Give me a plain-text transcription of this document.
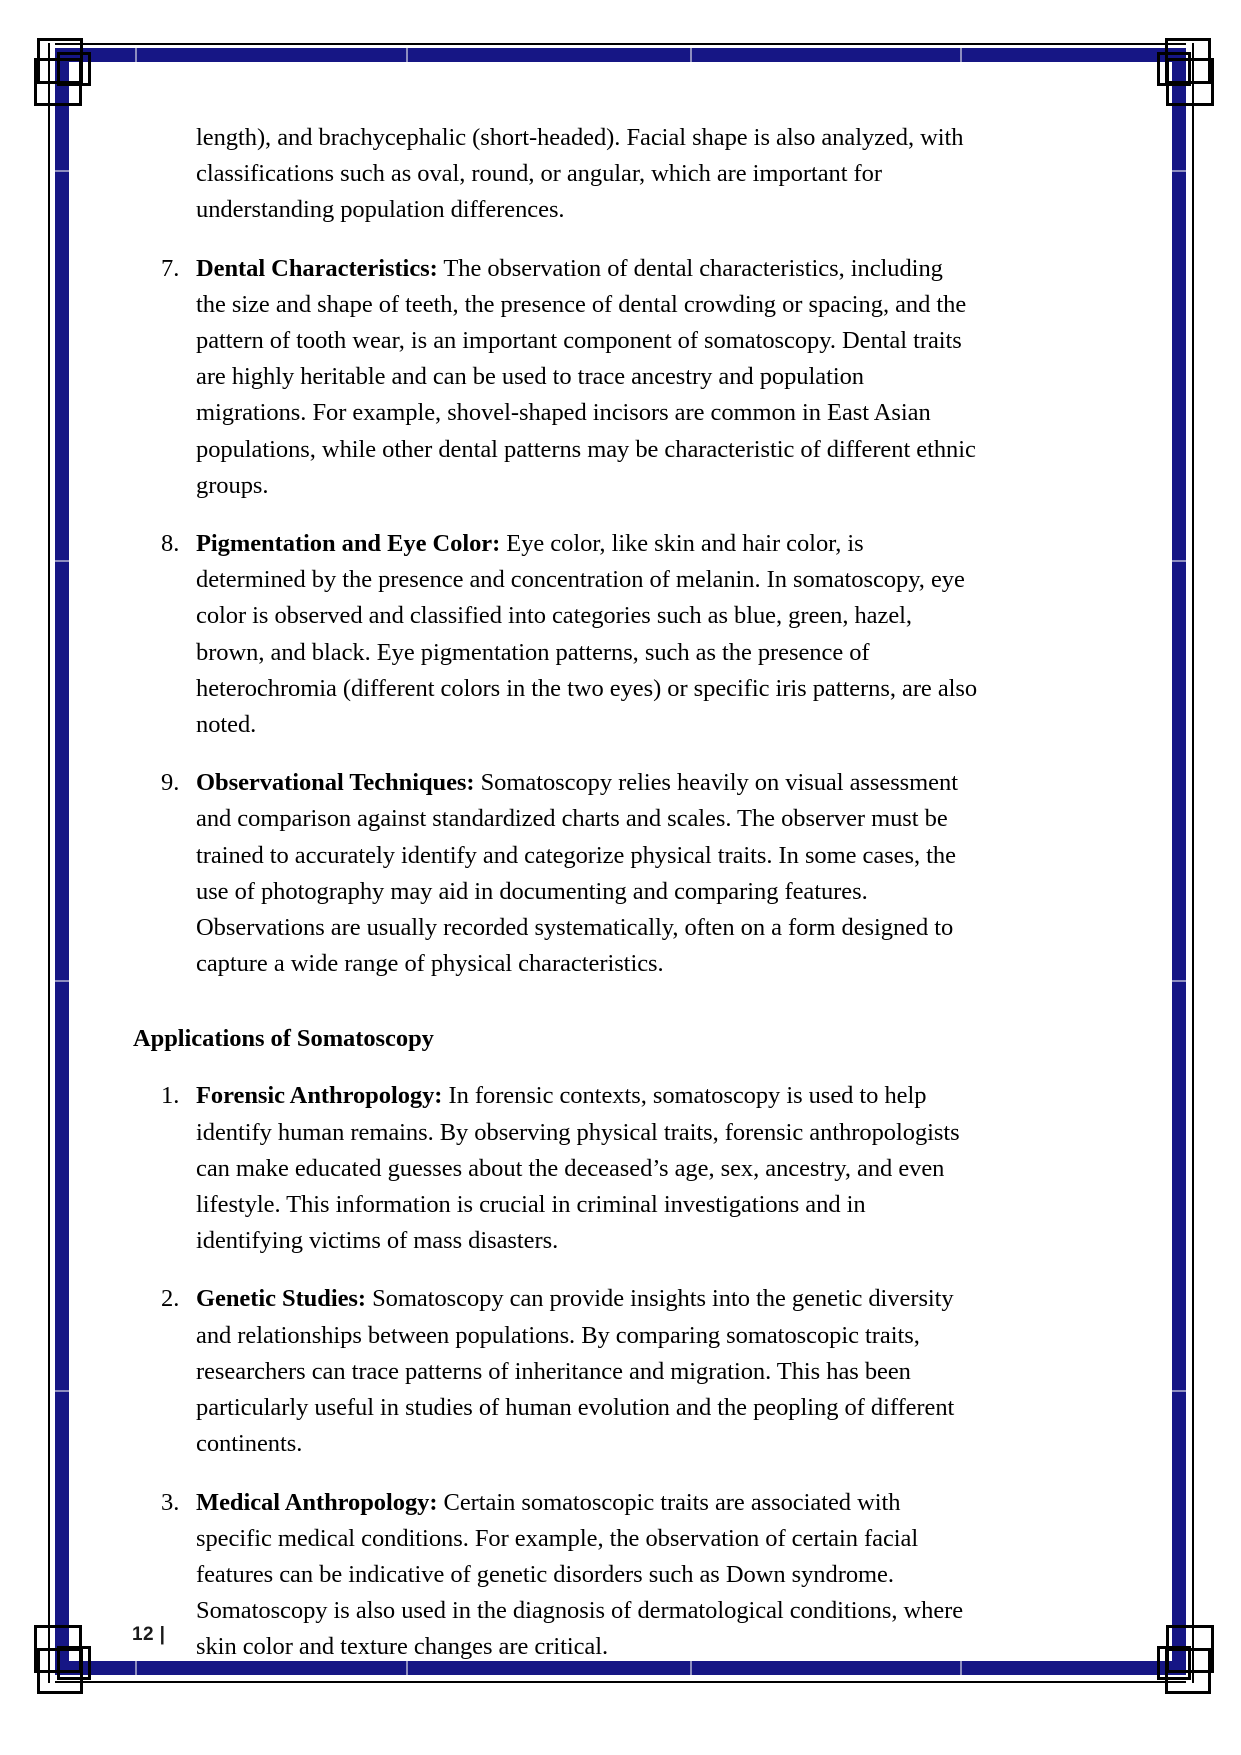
length), and brachycephalic (short-headed). Facial shape is also analyzed, with classifications such as oval, round, or angular, which are important for understanding population differences.

7. Dental Characteristics: The observation of dental characteristics, including the size and shape of teeth, the presence of dental crowding or spacing, and the pattern of tooth wear, is an important component of somatoscopy. Dental traits are highly heritable and can be used to trace ancestry and population migrations. For example, shovel-shaped incisors are common in East Asian populations, while other dental patterns may be characteristic of different ethnic groups.
8. Pigmentation and Eye Color: Eye color, like skin and hair color, is determined by the presence and concentration of melanin. In somatoscopy, eye color is observed and classified into categories such as blue, green, hazel, brown, and black. Eye pigmentation patterns, such as the presence of heterochromia (different colors in the two eyes) or specific iris patterns, are also noted.
9. Observational Techniques: Somatoscopy relies heavily on visual assessment and comparison against standardized charts and scales. The observer must be trained to accurately identify and categorize physical traits. In some cases, the use of photography may aid in documenting and comparing features. Observations are usually recorded systematically, often on a form designed to capture a wide range of physical characteristics.
Applications of Somatoscopy
1. Forensic Anthropology: In forensic contexts, somatoscopy is used to help identify human remains. By observing physical traits, forensic anthropologists can make educated guesses about the deceased’s age, sex, ancestry, and even lifestyle. This information is crucial in criminal investigations and in identifying victims of mass disasters.
2. Genetic Studies: Somatoscopy can provide insights into the genetic diversity and relationships between populations. By comparing somatoscopic traits, researchers can trace patterns of inheritance and migration. This has been particularly useful in studies of human evolution and the peopling of different continents.
3. Medical Anthropology: Certain somatoscopic traits are associated with specific medical conditions. For example, the observation of certain facial features can be indicative of genetic disorders such as Down syndrome. Somatoscopy is also used in the diagnosis of dermatological conditions, where skin color and texture changes are critical.
12 |
